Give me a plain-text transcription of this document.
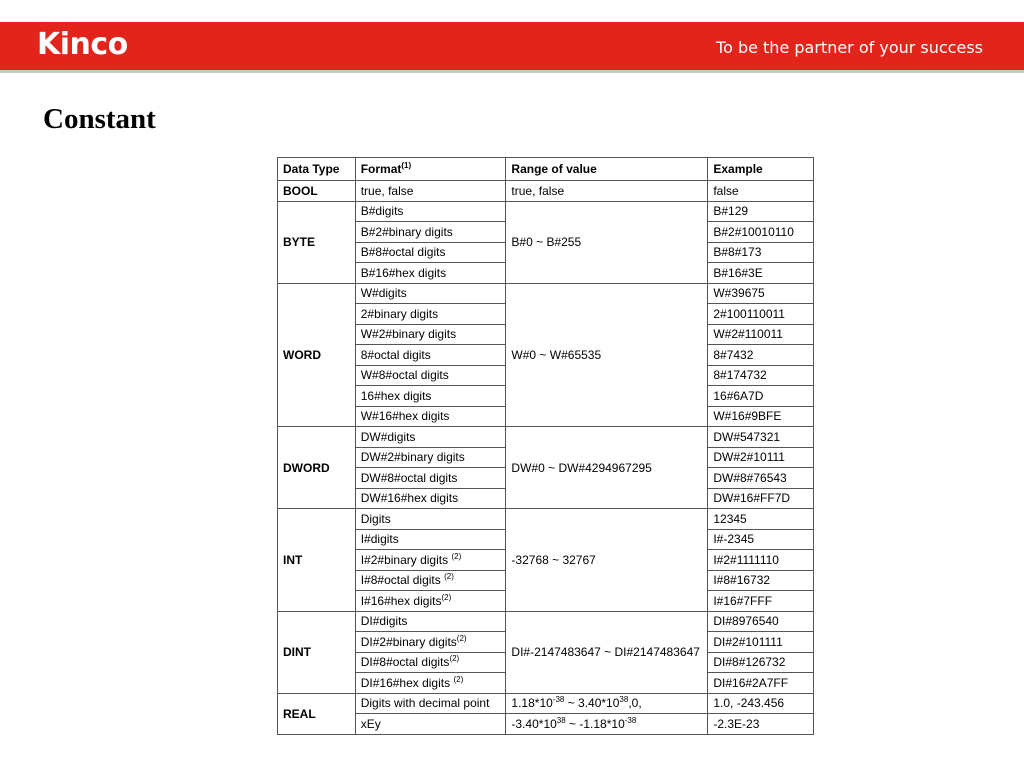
Kinco	To be the partner of your success
Constant
Data Type	Format$^{(1)}$	Range of value	Example
BOOL	true, false	true, false	false
BYTE	B#digits	B#0 ~ B#255	B#129
	B#2#binary digits		B#2#10010110
	B#8#octal digits		B#8#173
	B#16#hex digits		B#16#3E
WORD	W#digits	W#0 ~ W#65535	W#39675
	2#binary digits		2#100110011
	W#2#binary digits		W#2#110011
	8#octal digits		8#7432
	W#8#octal digits		8#174732
	16#hex digits		16#6A7D
	W#16#hex digits		W#16#9BFE
DWORD	DW#digits	DW#0 ~ DW#4294967295	DW#547321
	DW#2#binary digits		DW#2#10111
	DW#8#octal digits		DW#8#76543
	DW#16#hex digits		DW#16#FF7D
INT	Digits	-32768 ~ 32767	12345
	I#digits		I#-2345
	I#2#binary digits $^{(2)}$		I#2#1111110
	I#8#octal digits $^{(2)}$		I#8#16732
	I#16#hex digits$^{(2)}$		I#16#7FFF
DINT	DI#digits	DI#-2147483647 ~ DI#2147483647	DI#8976540
	DI#2#binary digits$^{(2)}$		DI#2#101111
	DI#8#octal digits$^{(2)}$		DI#8#126732
	DI#16#hex digits $^{(2)}$		DI#16#2A7FF
REAL	Digits with decimal point	$1.18*10^{-38}$ ~ $3.40*10^{38},0$,	1.0, -243.456
	xEy	$-3.40*10^{38}$ ~ $-1.18*10^{-38}$	-2.3E-23
